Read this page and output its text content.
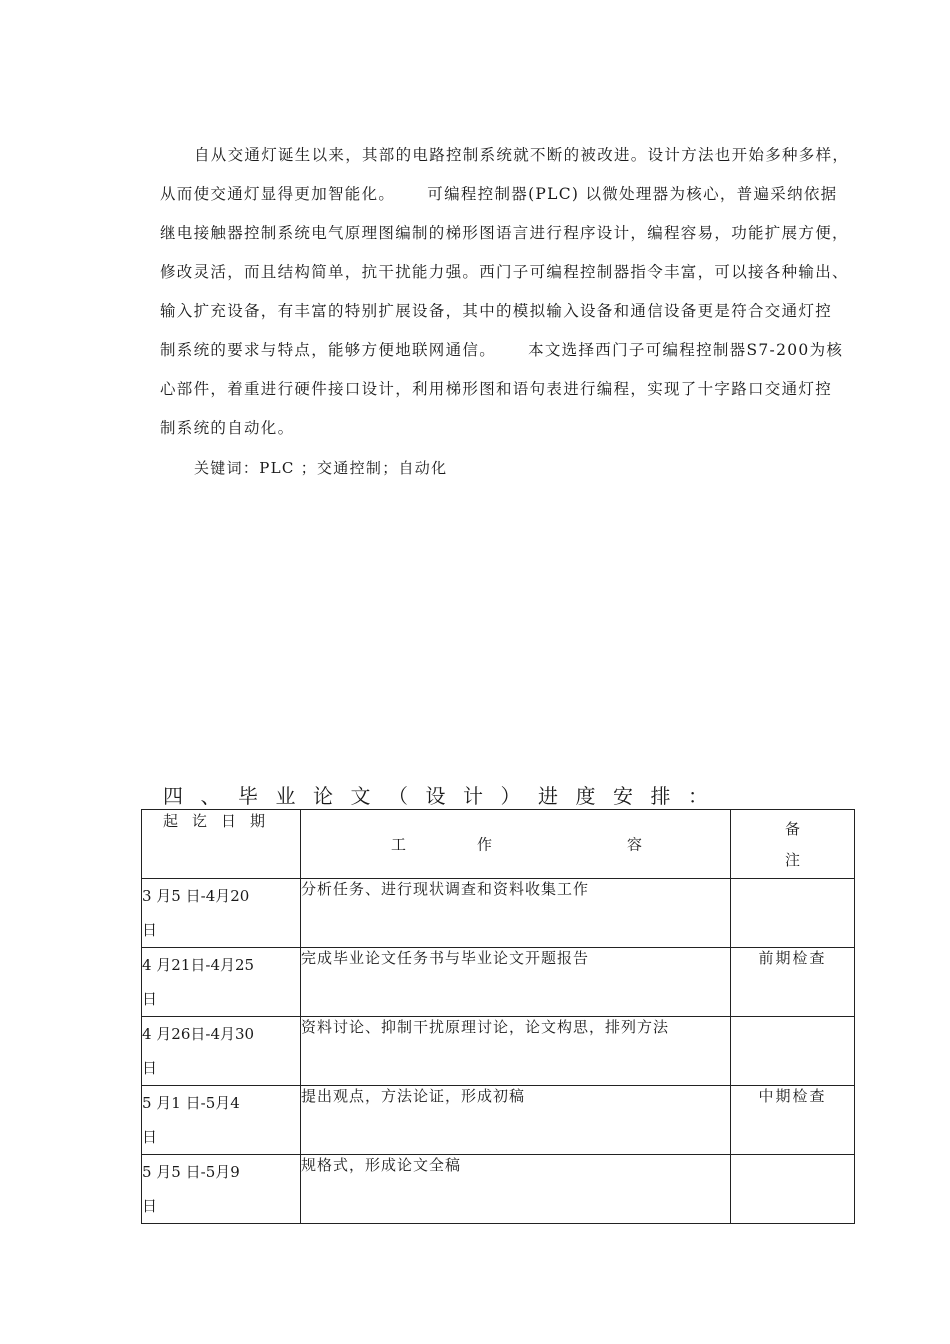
自从交通灯诞生以来，其部的电路控制系统就不断的被改进。设计方法也开始多种多样，
从而使交通灯显得更加智能化。　　 可编程控制器(PLC) 以微处理器为核心，普遍采纳依据
继电接触器控制系统电气原理图编制的梯形图语言进行程序设计，编程容易，功能扩展方便，
修改灵活，而且结构简单，抗干扰能力强。西门子可编程控制器指令丰富，可以接各种输出、
输入扩充设备，有丰富的特别扩展设备，其中的模拟输入设备和通信设备更是符合交通灯控
制系统的要求与特点，能够方便地联网通信。　　 本文选择西门子可编程控制器S7-200为核
心部件，着重进行硬件接口设计，利用梯形图和语句表进行编程，实现了十字路口交通灯控
制系统的自动化。
关键词：PLC ；交通控制；自动化
四、毕业论文（设计）进度安排：
起讫日期	工 作 容	备
注

3 月5 日-4月20
日	分析任务、进行现状调查和资料收集工作	
4 月21日-4月25
日	完成毕业论文任务书与毕业论文开题报告	前期检查
4 月26日-4月30
日	资料讨论、抑制干扰原理讨论，论文构思，排列方法	
5 月1 日-5月4
日	提出观点，方法论证，形成初稿	中期检查
5 月5 日-5月9
日	规格式，形成论文全稿	
